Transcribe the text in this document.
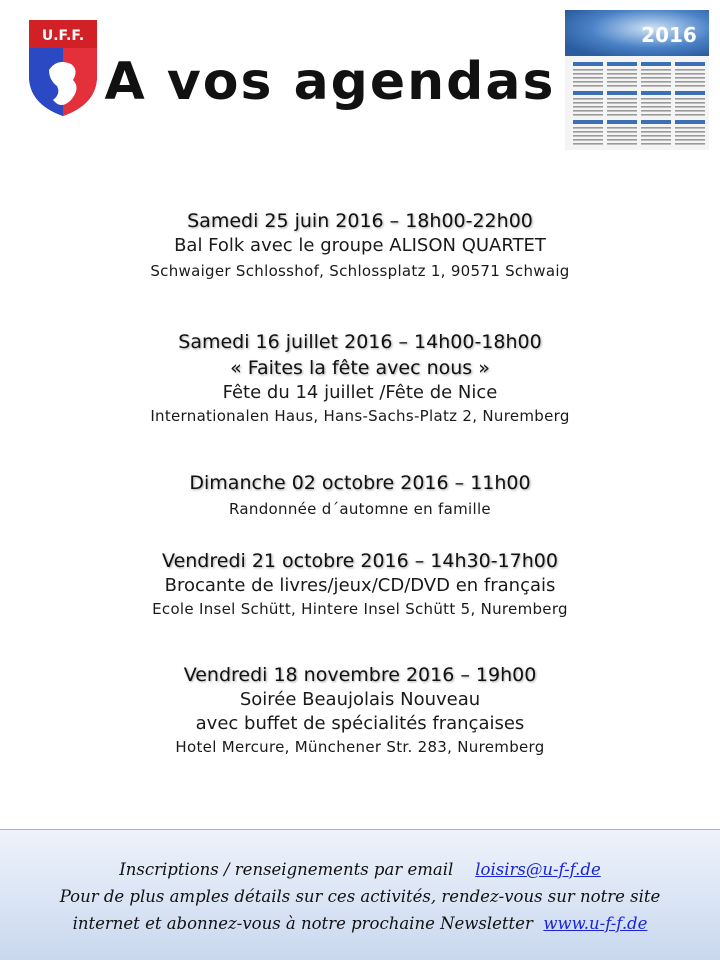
U.F.F.	2016
A vos agendas
Samedi 25 juin 2016 – 18h00-22h00
Bal Folk avec le groupe ALISON QUARTET
Schwaiger Schlosshof, Schlossplatz 1, 90571 Schwaig
Samedi 16 juillet 2016 – 14h00-18h00
« Faites la fête avec nous »
Fête du 14 juillet /Fête de Nice
Internationalen Haus, Hans-Sachs-Platz 2, Nuremberg
Dimanche 02 octobre 2016 – 11h00
Randonnée d´automne en famille
Vendredi 21 octobre 2016 – 14h30-17h00
Brocante de livres/jeux/CD/DVD en français
Ecole Insel Schütt, Hintere Insel Schütt 5, Nuremberg
Vendredi 18 novembre 2016 – 19h00
Soirée Beaujolais Nouveau
avec buffet de spécialités françaises
Hotel Mercure, Münchener Str. 283, Nuremberg
Inscriptions / renseignements par email loisirs@u-f-f.de
Pour de plus amples détails sur ces activités, rendez-vous sur notre site
internet et abonnez-vous à notre prochaine Newsletter www.u-f-f.de
